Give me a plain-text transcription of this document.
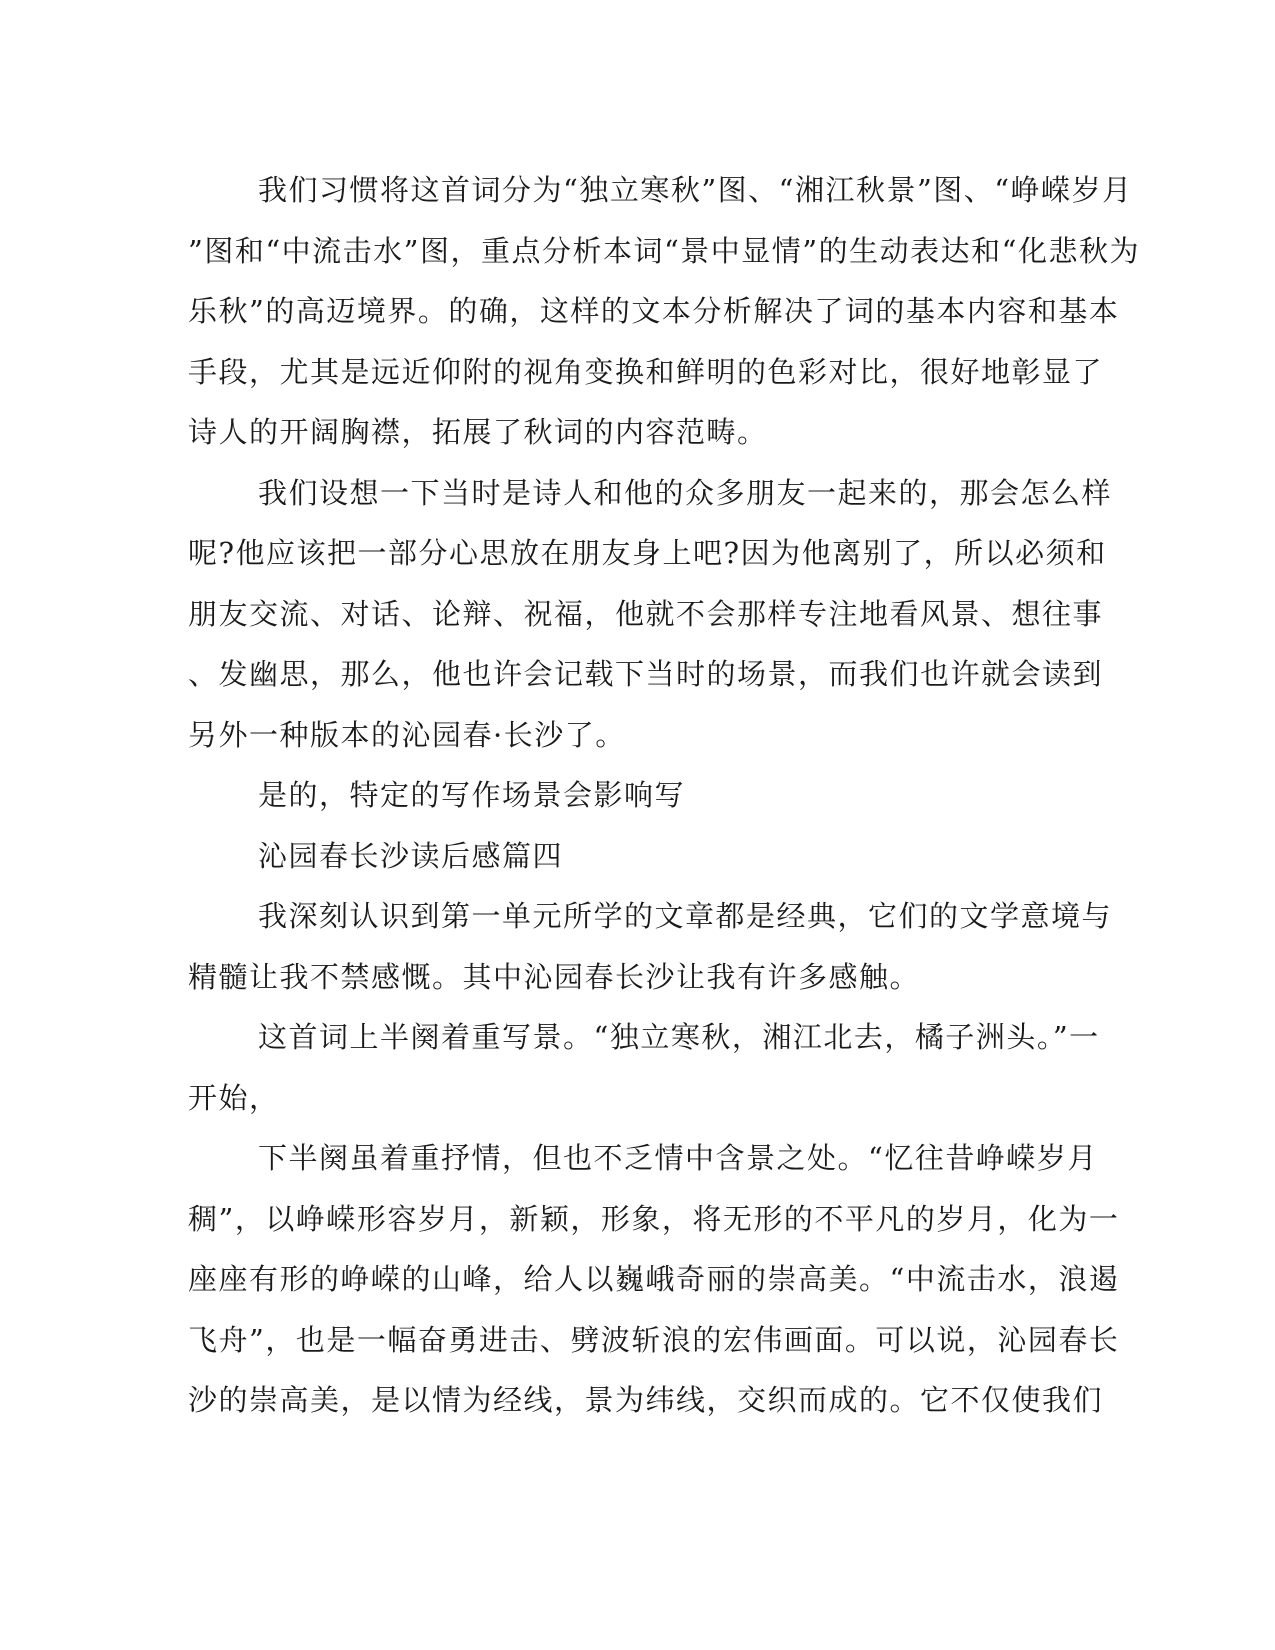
我们习惯将这首词分为“独立寒秋”图、“湘江秋景”图、“峥嵘岁月
”图和“中流击水”图，重点分析本词“景中显情”的生动表达和“化悲秋为
乐秋”的高迈境界。的确，这样的文本分析解决了词的基本内容和基本
手段，尤其是远近仰附的视角变换和鲜明的色彩对比，很好地彰显了
诗人的开阔胸襟，拓展了秋词的内容范畴。
我们设想一下当时是诗人和他的众多朋友一起来的，那会怎么样
呢?他应该把一部分心思放在朋友身上吧?因为他离别了，所以必须和
朋友交流、对话、论辩、祝福，他就不会那样专注地看风景、想往事
、发幽思，那么，他也许会记载下当时的场景，而我们也许就会读到
另外一种版本的沁园春·长沙了。
是的，特定的写作场景会影响写
沁园春长沙读后感篇四
我深刻认识到第一单元所学的文章都是经典，它们的文学意境与
精髓让我不禁感慨。其中沁园春长沙让我有许多感触。
这首词上半阕着重写景。“独立寒秋，湘江北去，橘子洲头。”一
开始，
下半阕虽着重抒情，但也不乏情中含景之处。“忆往昔峥嵘岁月
稠”，以峥嵘形容岁月，新颖，形象，将无形的不平凡的岁月，化为一
座座有形的峥嵘的山峰，给人以巍峨奇丽的崇高美。“中流击水，浪遏
飞舟”，也是一幅奋勇进击、劈波斩浪的宏伟画面。可以说，沁园春长
沙的崇高美，是以情为经线，景为纬线，交织而成的。它不仅使我们
